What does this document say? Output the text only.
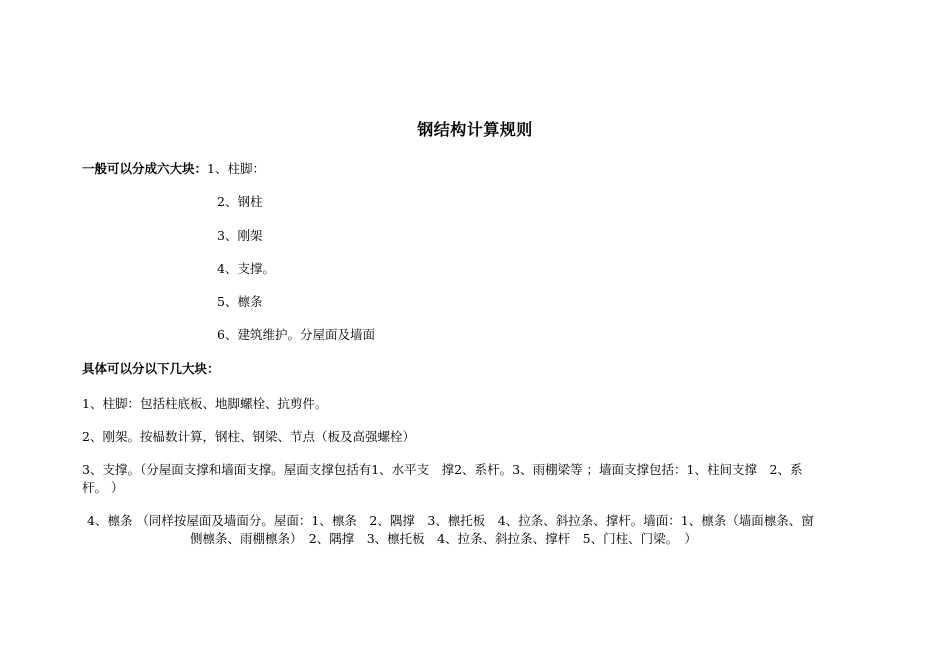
钢结构计算规则
一般可以分成六大块：1、柱脚：
2、钢柱
3、刚架
4、支撑。
5、檩条
6、建筑维护。分屋面及墙面
具体可以分以下几大块：
1、柱脚：包括柱底板、地脚螺栓、抗剪件。
2、刚架。按榀数计算，钢柱、钢梁、节点（板及高强螺栓）
3、支撑。（分屋面支撑和墙面支撑。屋面支撑包括有1、水平支　撑2、系杆。3、雨棚梁等 ；墙面支撑包括：1、柱间支撑　2、系
杆。 ）
4、檩条 （同样按屋面及墙面分。屋面：1、檩条　2、隅撑　3、檩托板　4、拉条、斜拉条、撑杆。墙面：1、檩条（墙面檩条、窗
侧檩条、雨棚檩条）　2、隅撑　3、檩托板　4、拉条、斜拉条、撑杆　5、门柱、门梁。　）
